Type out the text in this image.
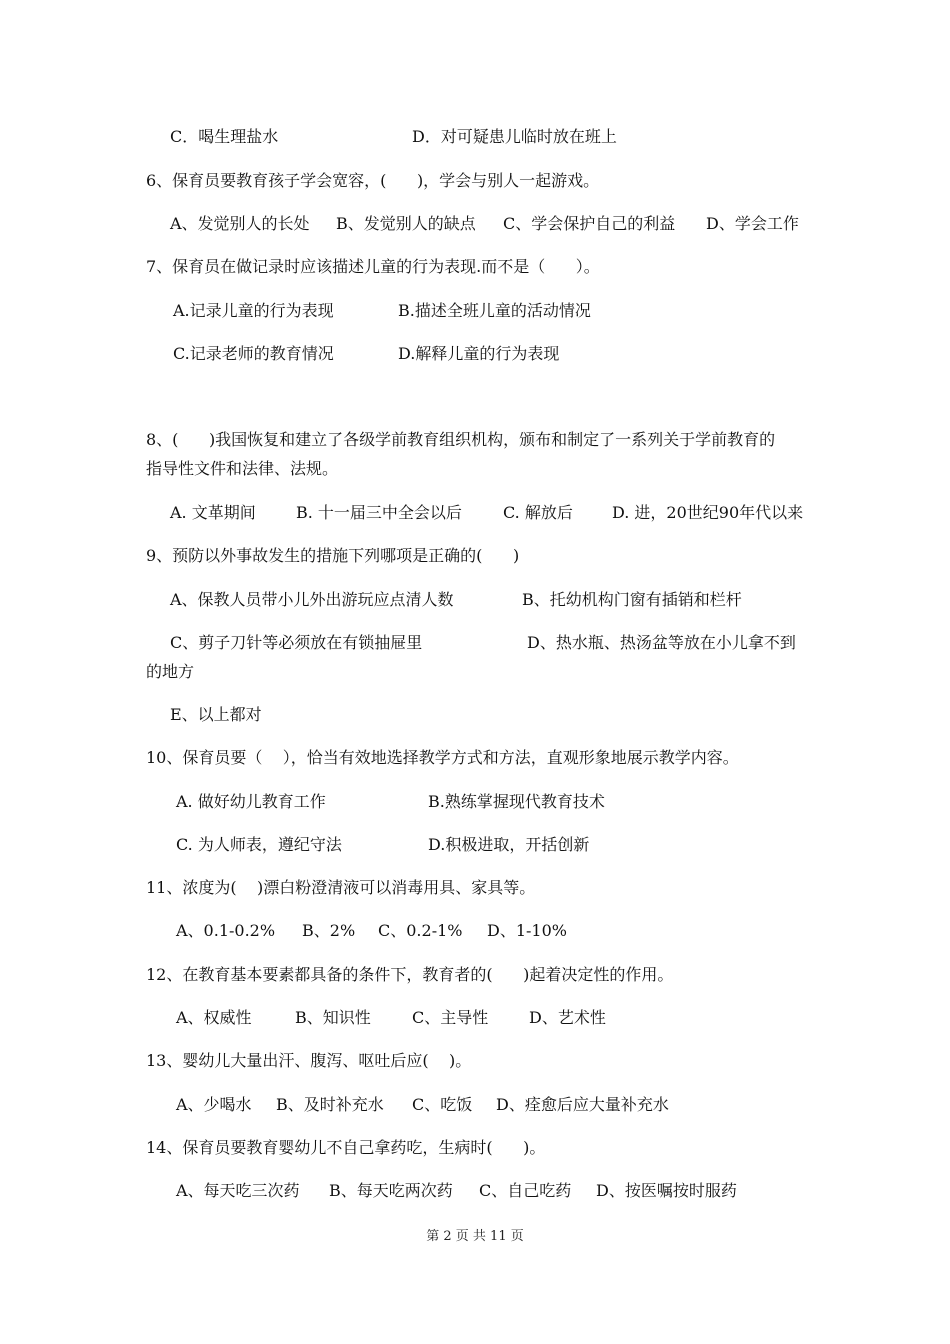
C．喝生理盐水	D．对可疑患儿临时放在班上
6、保育员要教育孩子学会宽容，(      )，学会与别人一起游戏。
A、发觉别人的长处 B、发觉别人的缺点 C、学会保护自己的利益 D、学会工作
7、保育员在做记录时应该描述儿童的行为表现.而不是（      ）。
A.记录儿童的行为表现	B.描述全班儿童的活动情况
C.记录老师的教育情况	D.解释儿童的行为表现
8、(      )我国恢复和建立了各级学前教育组织机构，颁布和制定了一系列关于学前教育的
指导性文件和法律、法规。
A. 文革期间	B. 十一届三中全会以后	C. 解放后 D. 进，20世纪90年代以来
9、预防以外事故发生的措施下列哪项是正确的(      )
A、保教人员带小儿外出游玩应点清人数	B、托幼机构门窗有插销和栏杆
C、剪子刀针等必须放在有锁抽屉里	D、热水瓶、热汤盆等放在小儿拿不到
的地方
E、以上都对
10、保育员要（    ），恰当有效地选择教学方式和方法，直观形象地展示教学内容。
A. 做好幼儿教育工作	B.熟练掌握现代教育技术
C. 为人师表，遵纪守法	D.积极进取，开括创新
11、浓度为(    )漂白粉澄清液可以消毒用具、家具等。
A、0.1-0.2% B、2% C、0.2-1% D、1-10%
12、在教育基本要素都具备的条件下，教育者的(      )起着决定性的作用。
A、权威性	B、知识性	C、主导性	D、艺术性
13、婴幼儿大量出汗、腹泻、呕吐后应(    )。
A、少喝水 B、及时补充水 C、吃饭 D、痊愈后应大量补充水
14、保育员要教育婴幼儿不自己拿药吃，生病时(      )。
A、每天吃三次药 B、每天吃两次药 C、自己吃药 D、按医嘱按时服药
第 2 页 共 11 页
